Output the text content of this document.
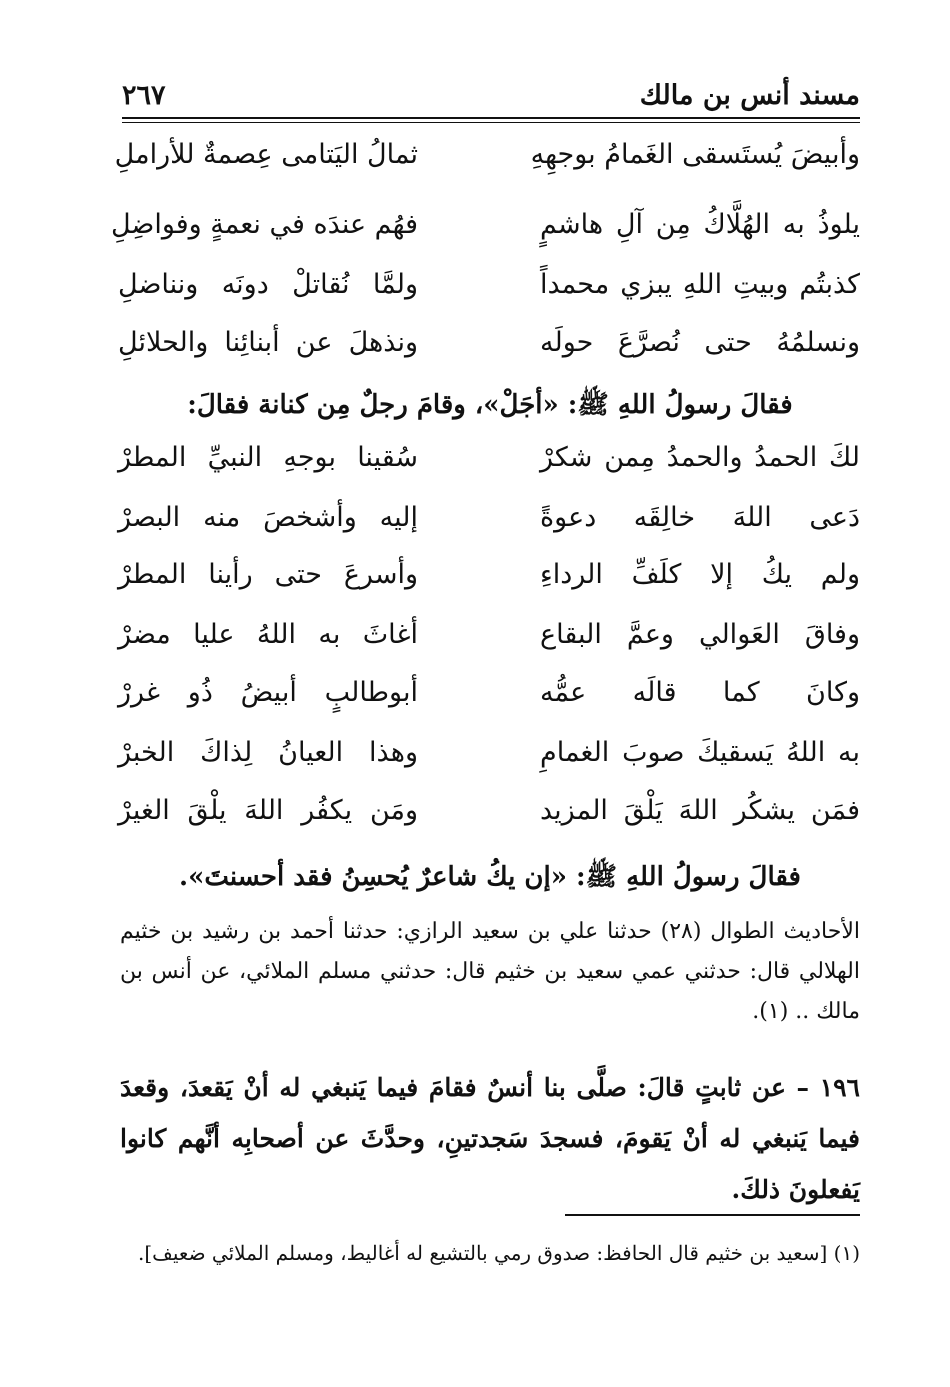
مسند أنس بن مالك
٢٦٧
وأبيضَ يُستَسقى الغَمامُ بوجهِهِ
ثمالُ اليَتامى عِصمةٌ للأراملِ
يلوذُ به الهُلَّاكُ مِن آلِ هاشمٍ
فهُم عندَه في نعمةٍ وفواضِلِ
كذبتُم وبيتِ اللهِ يبزي محمداً
ولمَّا نُقاتلْ دونَه ونناضلِ
ونسلمُهُ حتى نُصرَّعَ حولَه
ونذهلَ عن أبنائِنا والحلائلِ
فقالَ رسولُ اللهِ ﷺ: «أجَلْ»، وقامَ رجلٌ مِن كنانة فقالَ:
لكَ الحمدُ والحمدُ مِمن شكرْ
سُقينا بوجهِ النبيِّ المطرْ
دَعى اللهَ خالِقَه دعوةً
إليه وأشخصَ منه البصرْ
ولم يكُ إلا كلَفِّ الرداءِ
وأسرعَ حتى رأينا المطرْ
وفاقَ العَوالي وعمَّ البقاع
أغاثَ به اللهُ عليا مضرْ
وكانَ كما قالَه عمُّه
أبوطالبٍ أبيضُ ذُو غررْ
به اللهُ يَسقيكَ صوبَ الغمامِ
وهذا العيانُ لِذاكَ الخبرْ
فمَن يشكُر اللهَ يَلْقَ المزيد
ومَن يكفُر اللهَ يلْقَ الغيرْ
فقالَ رسولُ اللهِ ﷺ: «إن يكُ شاعرٌ يُحسِنُ فقد أحسنتَ».
الأحاديث الطوال (٢٨) حدثنا علي بن سعيد الرازي: حدثنا أحمد بن رشيد بن خثيم الهلالي قال: حدثني عمي سعيد بن خثيم قال: حدثني مسلم الملائي، عن أنس بن مالك .. (١).
١٩٦ – عن ثابتٍ قالَ: صلَّى بنا أنسٌ فقامَ فيما يَنبغي له أنْ يَقعدَ، وقعدَ فيما يَنبغي له أنْ يَقومَ، فسجدَ سَجدتينِ، وحدَّثَ عن أصحابِه أنَّهم كانوا يَفعلونَ ذلكَ.
(١) [سعيد بن خثيم قال الحافظ: صدوق رمي بالتشيع له أغاليط، ومسلم الملائي ضعيف].
